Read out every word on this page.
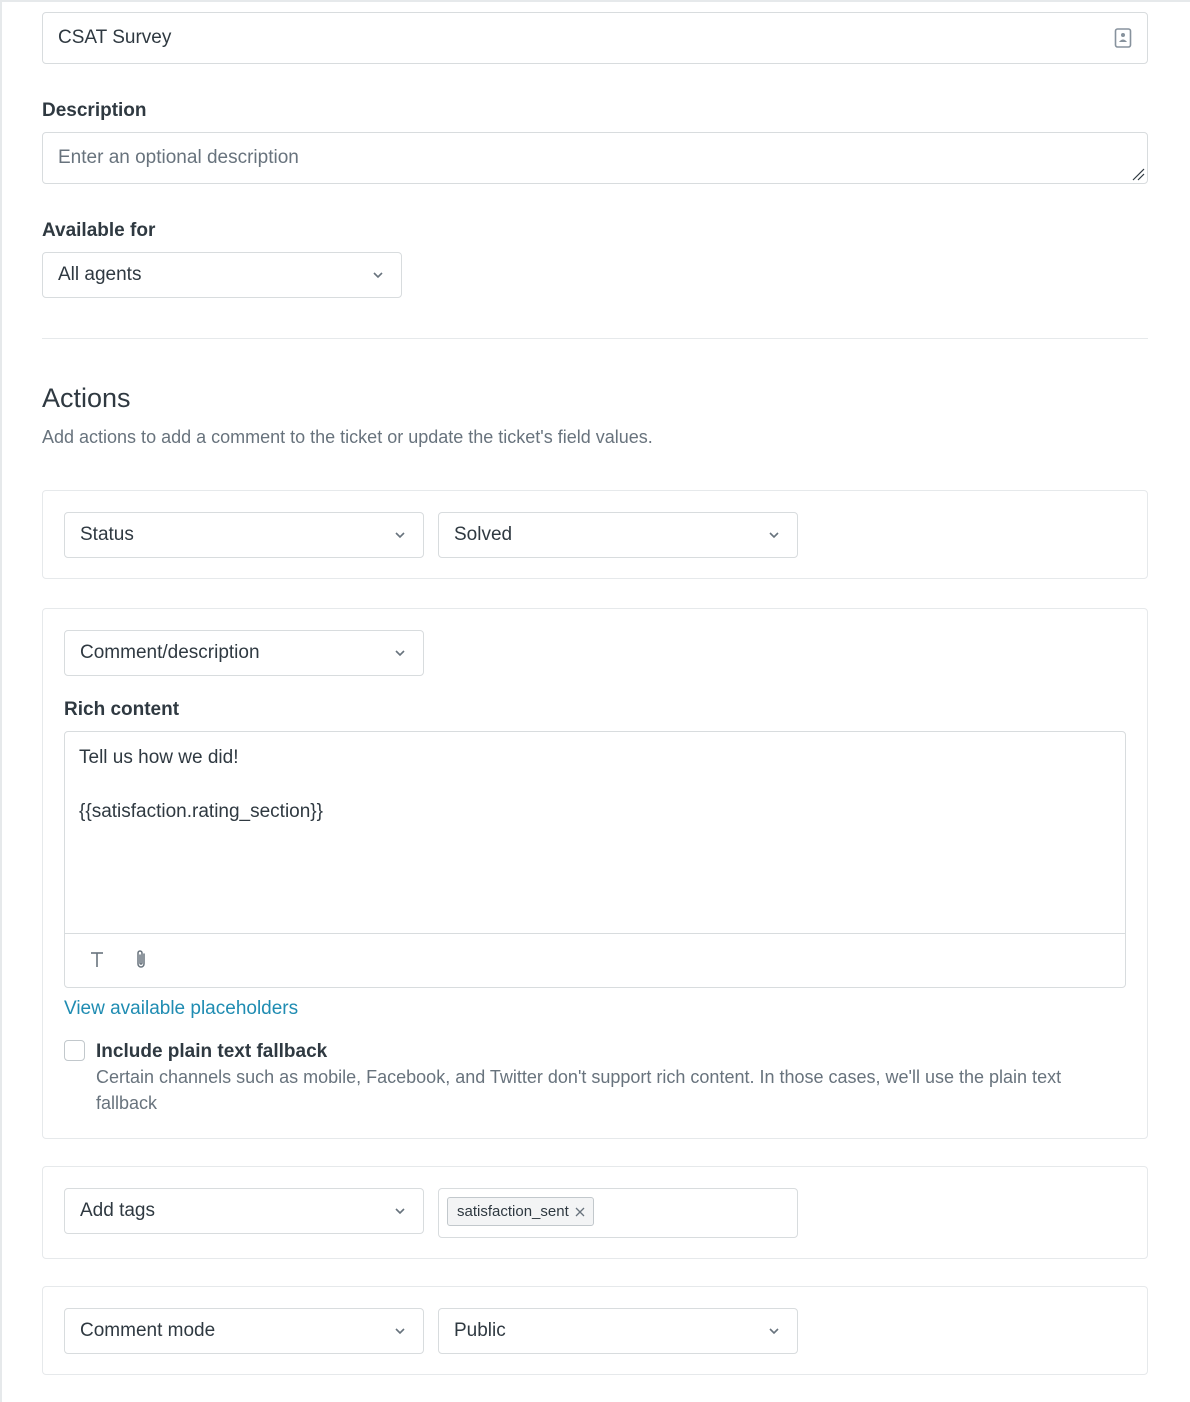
CSAT Survey
Description
Enter an optional description
Available for
All agents
Actions
Add actions to add a comment to the ticket or update the ticket's field values.
Status	Solved
Comment/description
Rich content
Tell us how we did!
{{satisfaction.rating_section}}
View available placeholders
Include plain text fallback
Certain channels such as mobile, Facebook, and Twitter don't support rich content. In those cases, we'll use the plain text fallback
Add tags	satisfaction_sent
Comment mode	Public
